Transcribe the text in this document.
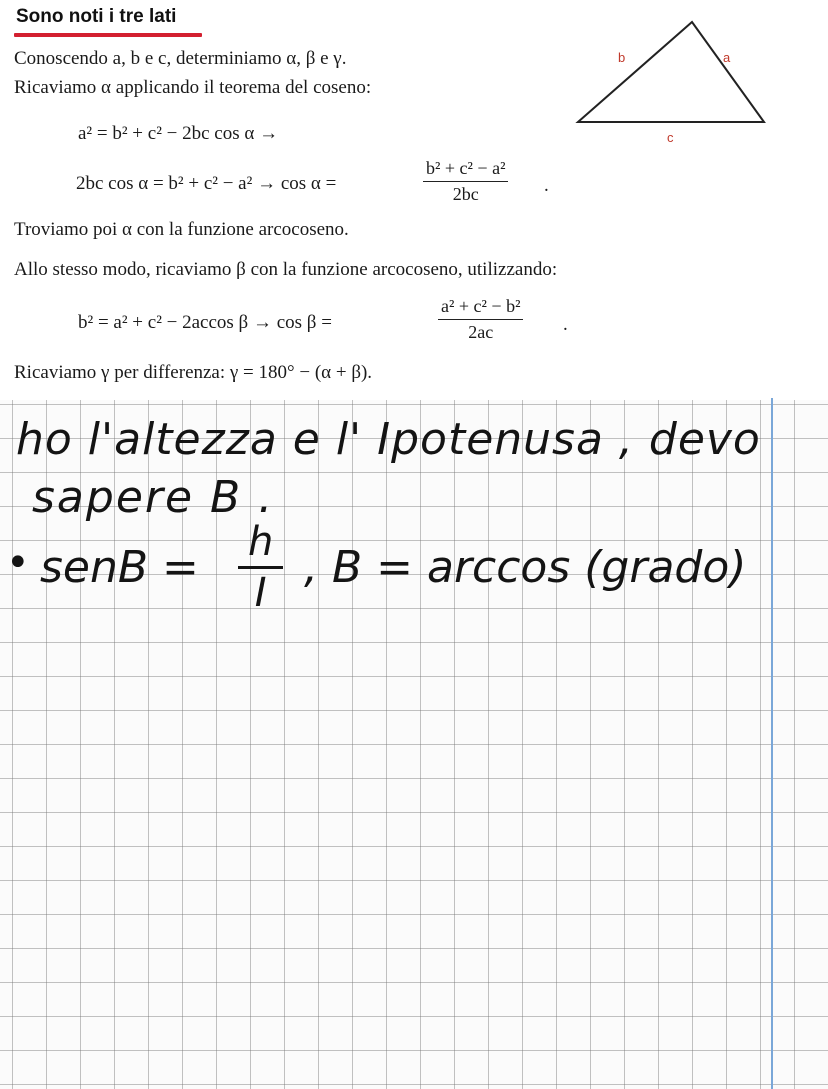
Sono noti i tre lati
Conoscendo a, b e c, determiniamo α, β e γ.
Ricaviamo α applicando il teorema del coseno:
a² = b² + c² − 2bc cos α →
2bc cos α = b² + c² − a² → cos α =	$\frac{\text{b² + c² − a²}}{2bc}$ .
Troviamo poi α con la funzione arcocoseno.
Allo stesso modo, ricaviamo β con la funzione arcocoseno, utilizzando:
b² = a² + c² − 2accos β → cos β =	$\frac{\text{a² + c² − b²}}{2ac}$ .
Ricaviamo γ per differenza: γ = 180° − (α + β).
b	a
c
ho l'altezza e l' Ipotenusa , devo
sapere B .
• senB = $\frac{h}{I}$ , B = arccos (grado)
